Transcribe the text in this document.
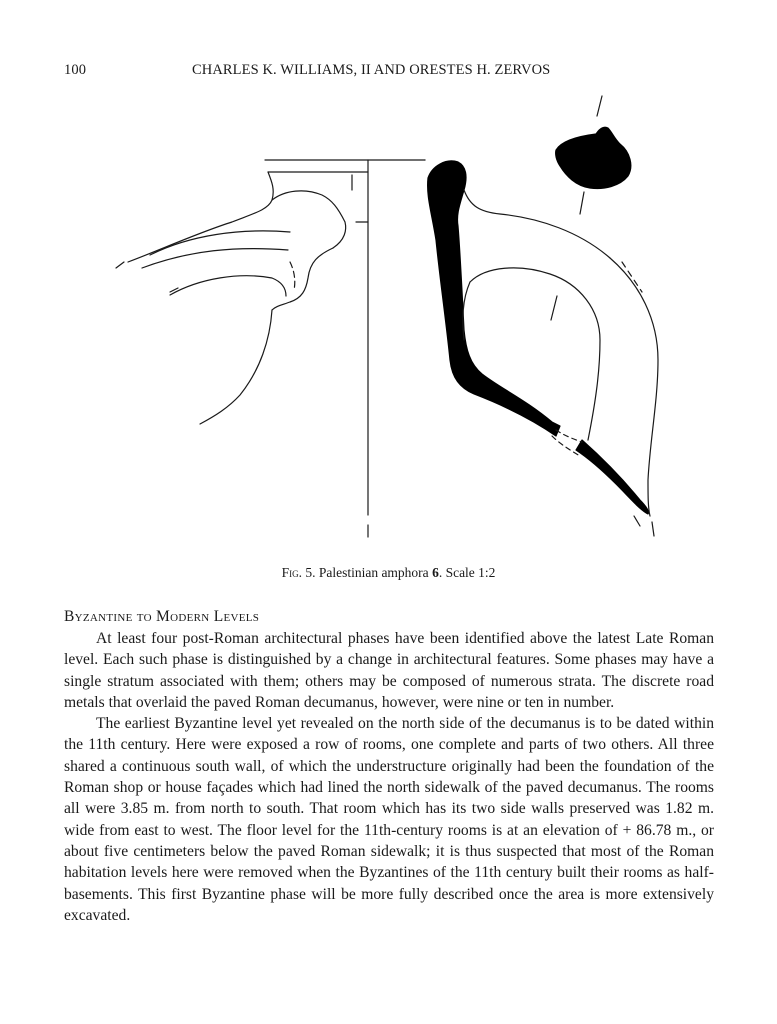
100	CHARLES K. WILLIAMS, II AND ORESTES H. ZERVOS
Fig. 5. Palestinian amphora 6. Scale 1:2
Byzantine to Modern Levels

At least four post-Roman architectural phases have been identified above the latest Late Roman level. Each such phase is distinguished by a change in architectural features. Some phases may have a single stratum associated with them; others may be composed of numerous strata. The discrete road metals that overlaid the paved Roman decumanus, however, were nine or ten in number.

The earliest Byzantine level yet revealed on the north side of the decumanus is to be dated within the 11th century. Here were exposed a row of rooms, one complete and parts of two others. All three shared a continuous south wall, of which the understructure originally had been the foundation of the Roman shop or house façades which had lined the north sidewalk of the paved decumanus. The rooms all were 3.85 m. from north to south. That room which has its two side walls preserved was 1.82 m. wide from east to west. The floor level for the 11th-century rooms is at an elevation of + 86.78 m., or about five centimeters below the paved Roman sidewalk; it is thus suspected that most of the Roman habitation levels here were removed when the Byzantines of the 11th century built their rooms as halfbasements. This first Byzantine phase will be more fully described once the area is more extensively excavated.
